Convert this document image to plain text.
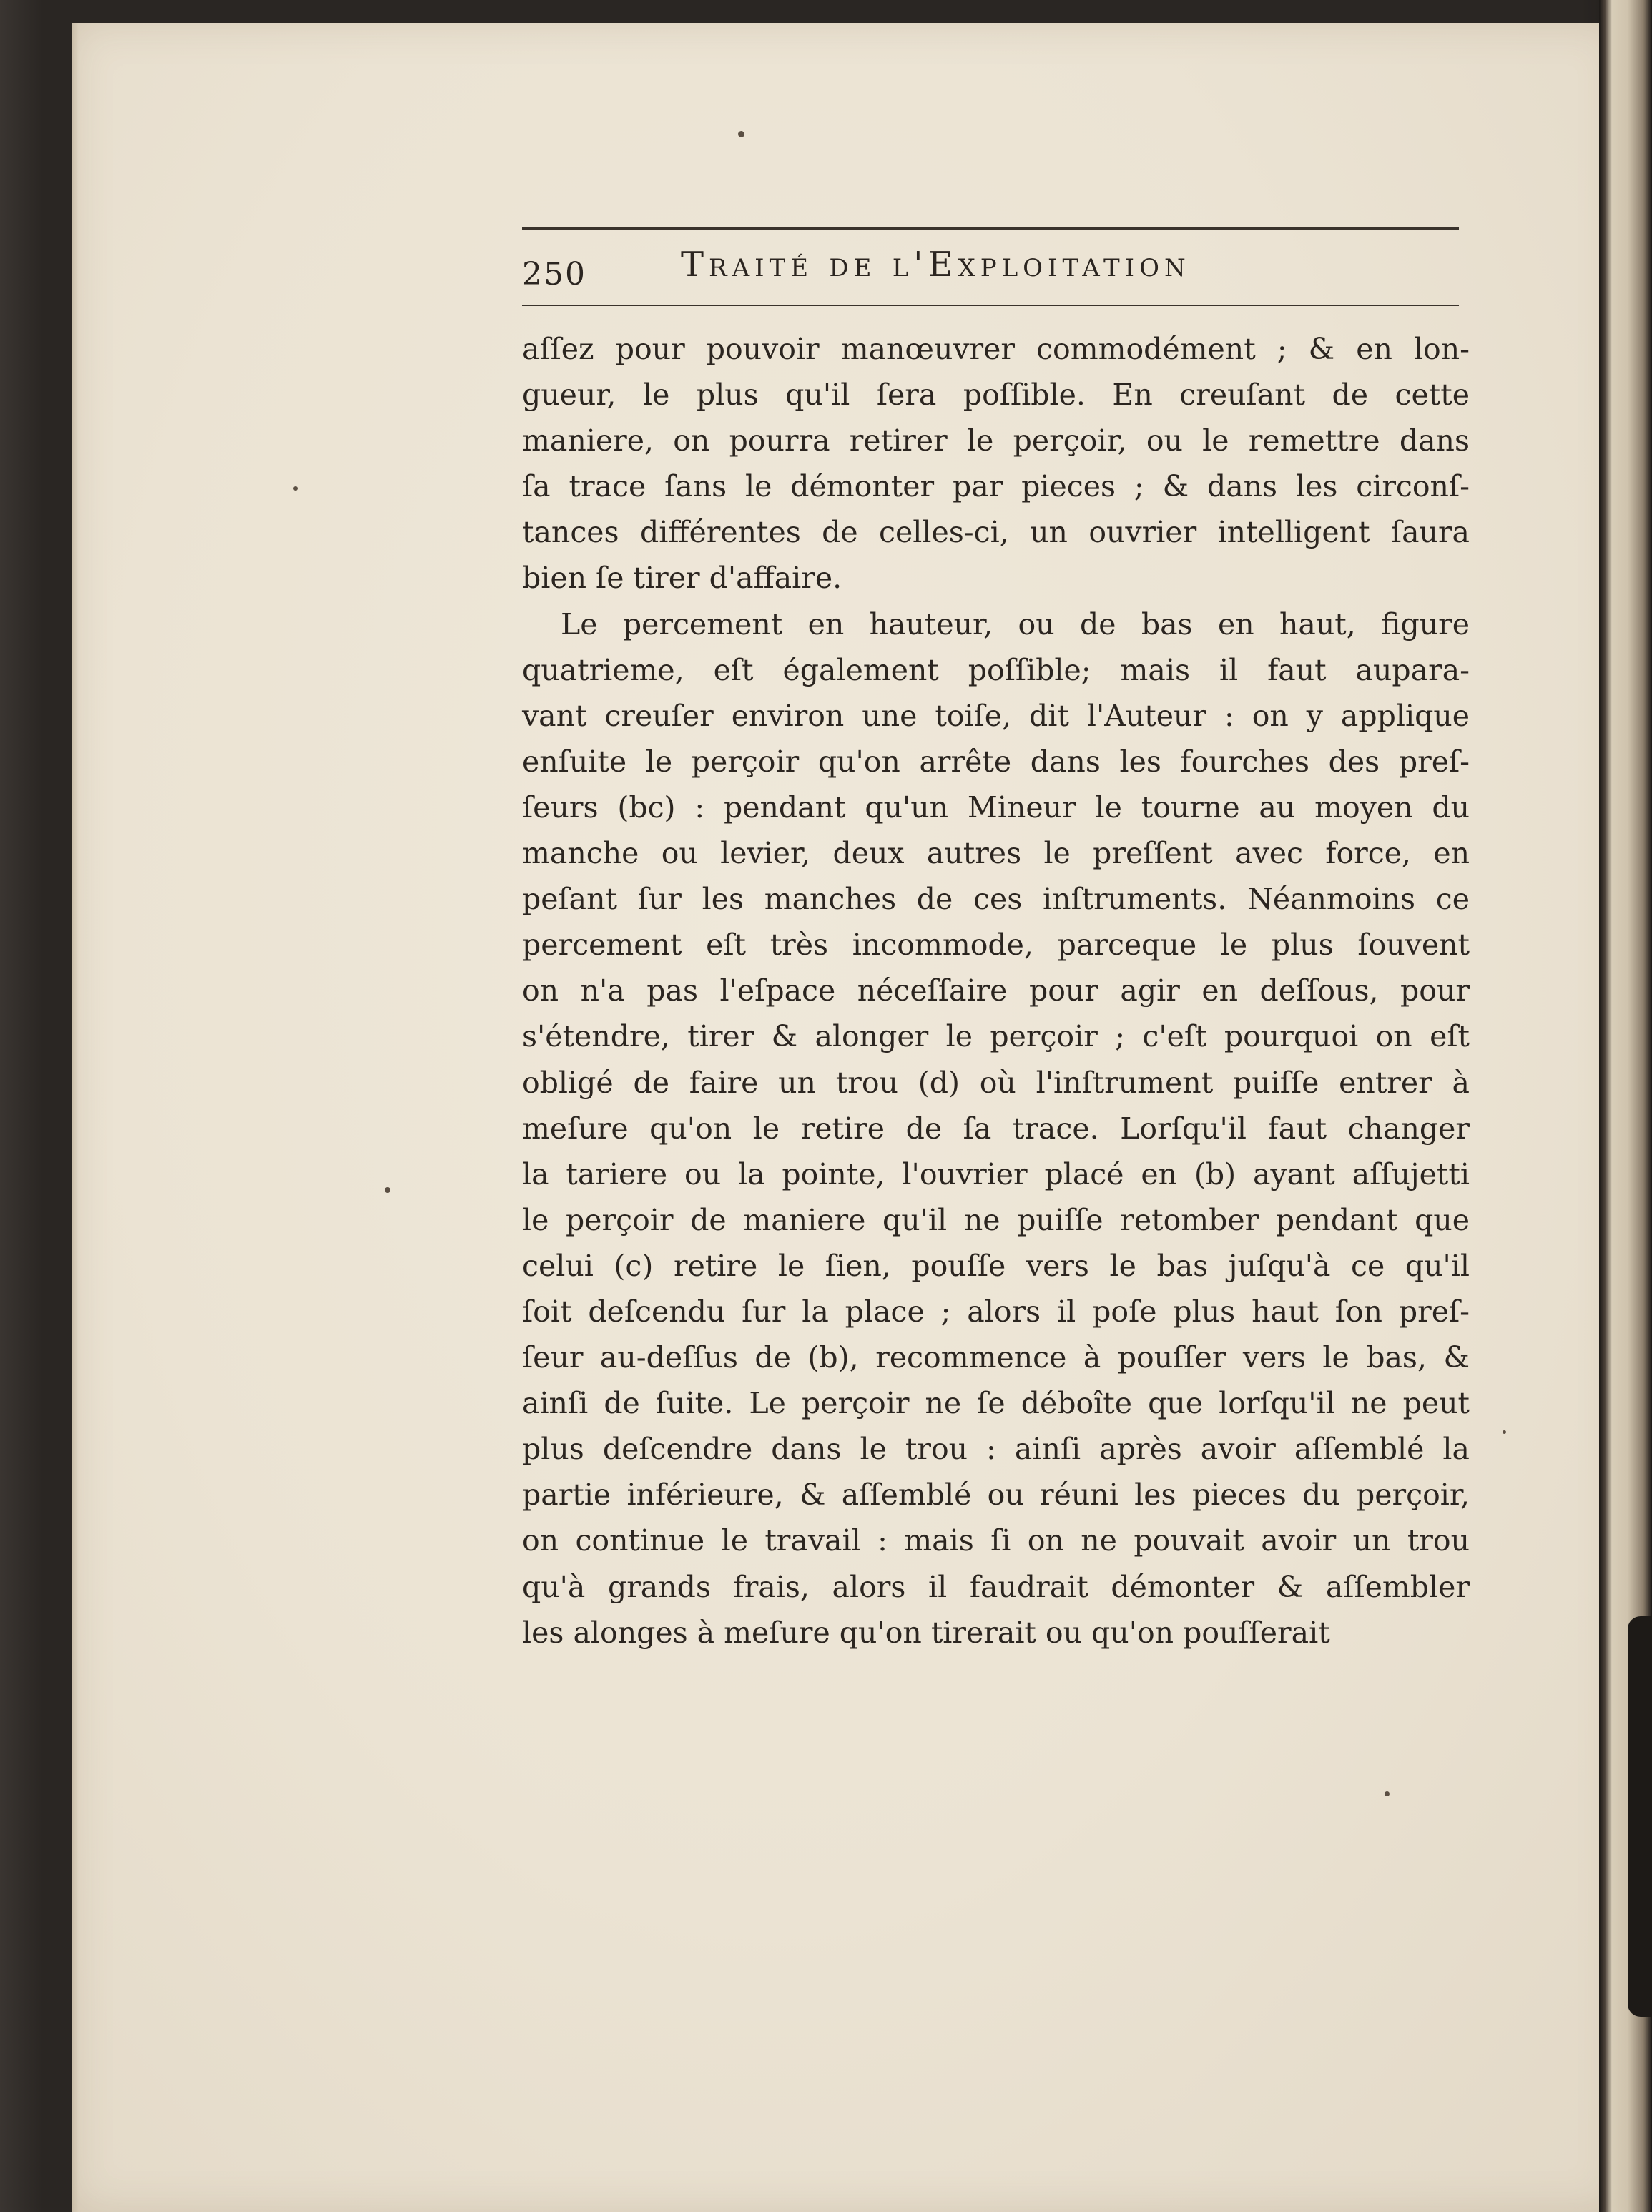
250	Traité de l'Exploitation
aſſez pour pouvoir manœuvrer commodément ; & en lon-
gueur, le plus qu'il ſera poſſible. En creuſant de cette
maniere, on pourra retirer le perçoir, ou le remettre dans
ſa trace ſans le démonter par pieces ; & dans les circonſ-
tances différentes de celles-ci, un ouvrier intelligent ſaura
bien ſe tirer d'affaire.
Le percement en hauteur, ou de bas en haut, figure
quatrieme, eſt également poſſible; mais il faut aupara-
vant creuſer environ une toiſe, dit l'Auteur : on y applique
enſuite le perçoir qu'on arrête dans les fourches des preſ-
ſeurs (bc) : pendant qu'un Mineur le tourne au moyen du
manche ou levier, deux autres le preſſent avec force, en
peſant ſur les manches de ces inſtruments. Néanmoins ce
percement eſt très incommode, parceque le plus ſouvent
on n'a pas l'eſpace néceſſaire pour agir en deſſous, pour
s'étendre, tirer & alonger le perçoir ; c'eſt pourquoi on eſt
obligé de faire un trou (d) où l'inſtrument puiſſe entrer à
meſure qu'on le retire de ſa trace. Lorſqu'il faut changer
la tariere ou la pointe, l'ouvrier placé en (b) ayant aſſujetti
le perçoir de maniere qu'il ne puiſſe retomber pendant que
celui (c) retire le ſien, pouſſe vers le bas juſqu'à ce qu'il
ſoit deſcendu ſur la place ; alors il poſe plus haut ſon preſ-
ſeur au-deſſus de (b), recommence à pouſſer vers le bas, &
ainſi de ſuite. Le perçoir ne ſe déboîte que lorſqu'il ne peut
plus deſcendre dans le trou : ainſi après avoir aſſemblé la
partie inférieure, & aſſemblé ou réuni les pieces du perçoir,
on continue le travail : mais ſi on ne pouvait avoir un trou
qu'à grands frais, alors il faudrait démonter & aſſembler
les alonges à meſure qu'on tirerait ou qu'on pouſſerait
